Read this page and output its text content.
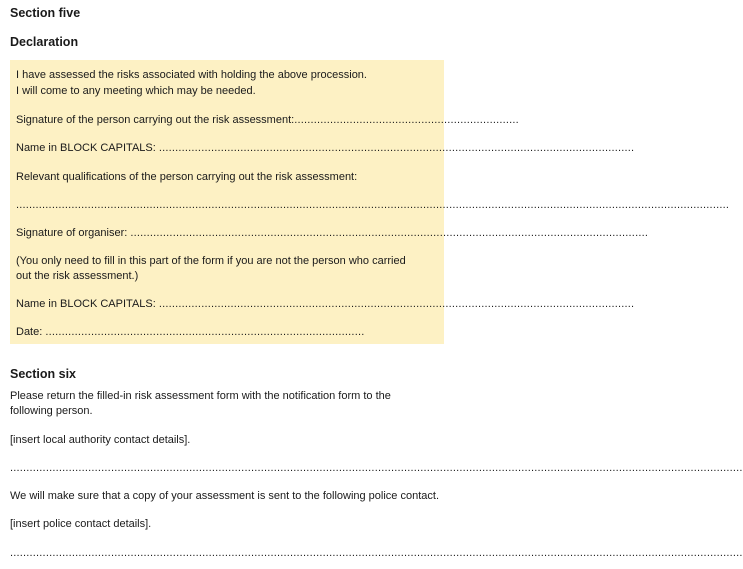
Section five
Declaration

I have assessed the risks associated with holding the above procession.

I will come to any meeting which may be needed.

Signature of the person carrying out the risk assessment:.....................................................................

Name in BLOCK CAPITALS: ..................................................................................................................................................

Relevant qualifications of the person carrying out the risk assessment:

...........................................................................................................................................................................................................................

Signature of organiser: ...............................................................................................................................................................

(You only need to fill in this part of the form if you are not the person who carried

out the risk assessment.)

Name in BLOCK CAPITALS: ..................................................................................................................................................

Date: ..................................................................................................

Section six

Please return the filled-in risk assessment form with the notification form to the

following person.

[insert local authority contact details].

.................................................................................................................................................................................................................................

We will make sure that a copy of your assessment is sent to the following police contact.

[insert police contact details].

.................................................................................................................................................................................................................................
